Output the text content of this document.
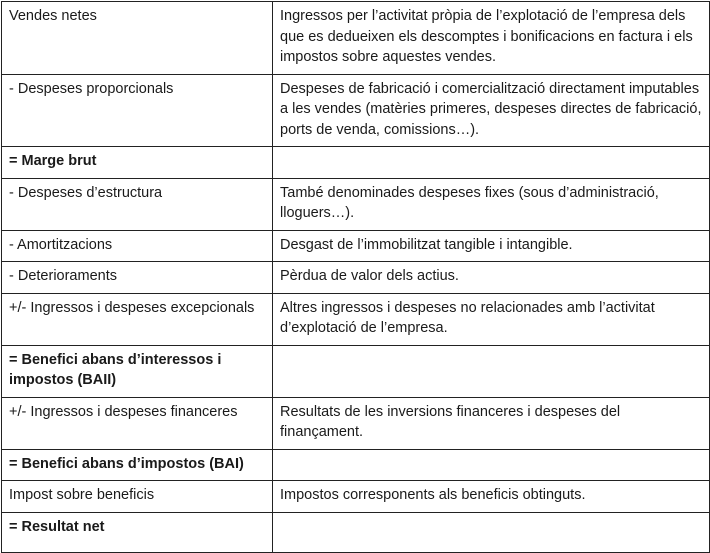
Vendes netes	Ingressos per l’activitat pròpia de l’explotació de l’empresa dels que es dedueixen els descomptes i bonificacions en factura i els impostos sobre aquestes vendes.
- Despeses proporcionals	Despeses de fabricació i comercialització directament imputables a les vendes (matèries primeres, despeses directes de fabricació, ports de venda, comissions…).
= Marge brut	
- Despeses d’estructura	També denominades despeses fixes (sous d’administració, lloguers…).
- Amortitzacions	Desgast de l’immobilitzat tangible i intangible.
- Deterioraments	Pèrdua de valor dels actius.
+/- Ingressos i despeses excepcionals	Altres ingressos i despeses no relacionades amb l’activitat d’explotació de l’empresa.
= Benefici abans d’interessos i impostos (BAII)	
+/- Ingressos i despeses financeres	Resultats de les inversions financeres i despeses del finançament.
= Benefici abans d’impostos (BAI)	
Impost sobre beneficis	Impostos corresponents als beneficis obtinguts.
= Resultat net	
